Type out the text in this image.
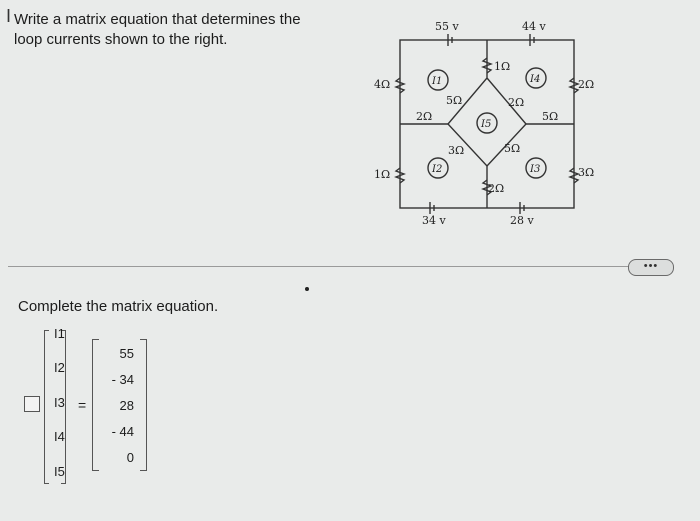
I Write a matrix equation that determines the
loop currents shown to the right.
55 v	44 v
34 v	28 v
4Ω
1Ω
2Ω
5Ω
1Ω
2Ω
5Ω
2Ω
3Ω	5Ω
2Ω
3Ω
I1
I2	I3
I4
I5
•••
Complete the matrix equation.
I1
I2
I3
I4
I5
=
55
- 34
28
- 44
0
